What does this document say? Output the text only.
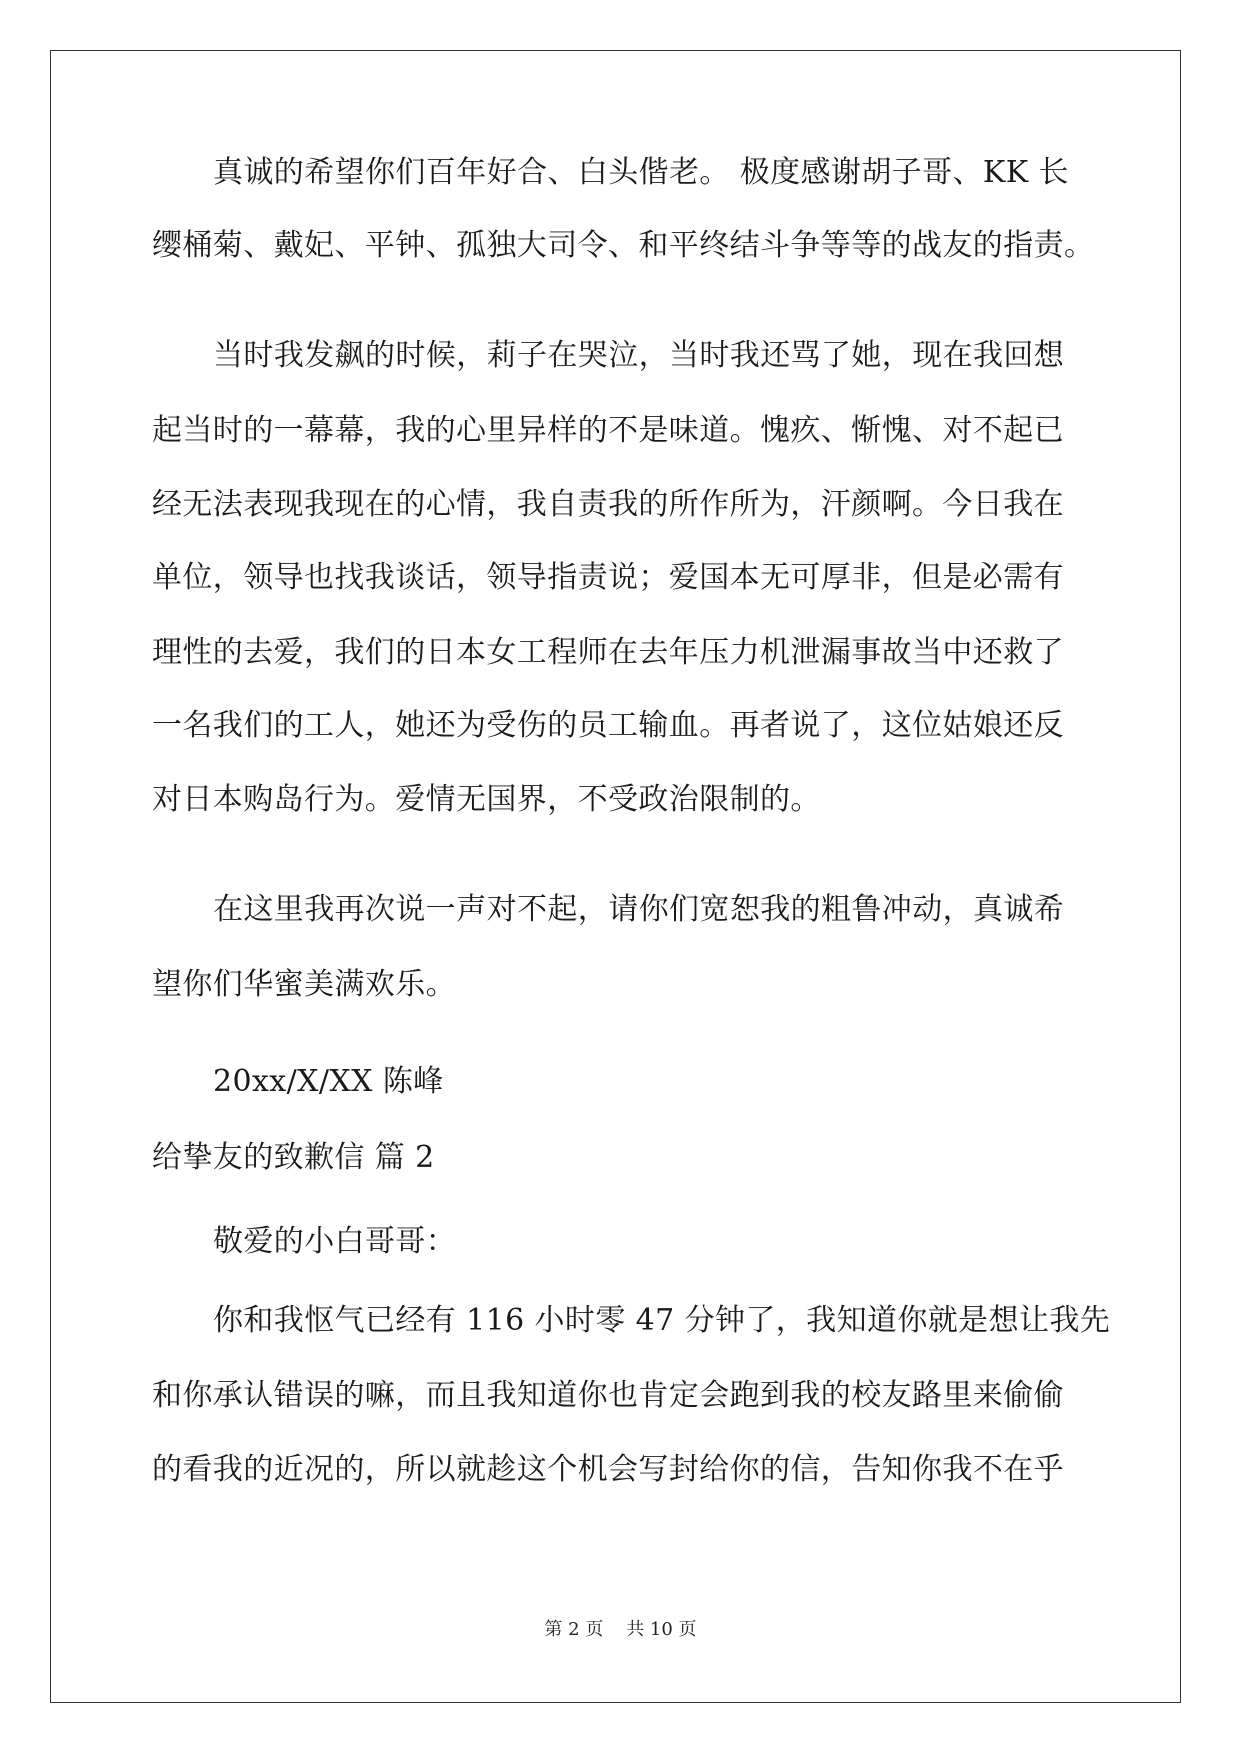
真诚的希望你们百年好合、白头偕老。 极度感谢胡子哥、KK 长
缨桶菊、戴妃、平钟、孤独大司令、和平终结斗争等等的战友的指责。
当时我发飙的时候，莉子在哭泣，当时我还骂了她，现在我回想
起当时的一幕幕，我的心里异样的不是味道。愧疚、惭愧、对不起已
经无法表现我现在的心情，我自责我的所作所为，汗颜啊。今日我在
单位，领导也找我谈话，领导指责说；爱国本无可厚非，但是必需有
理性的去爱，我们的日本女工程师在去年压力机泄漏事故当中还救了
一名我们的工人，她还为受伤的员工输血。再者说了，这位姑娘还反
对日本购岛行为。爱情无国界，不受政治限制的。
在这里我再次说一声对不起，请你们宽恕我的粗鲁冲动，真诚希
望你们华蜜美满欢乐。
20xx/X/XX 陈峰
给挚友的致歉信 篇 2
敬爱的小白哥哥：
你和我怄气已经有 116 小时零 47 分钟了，我知道你就是想让我先
和你承认错误的嘛，而且我知道你也肯定会跑到我的校友路里来偷偷
的看我的近况的，所以就趁这个机会写封给你的信，告知你我不在乎
第 2 页    共 10 页
